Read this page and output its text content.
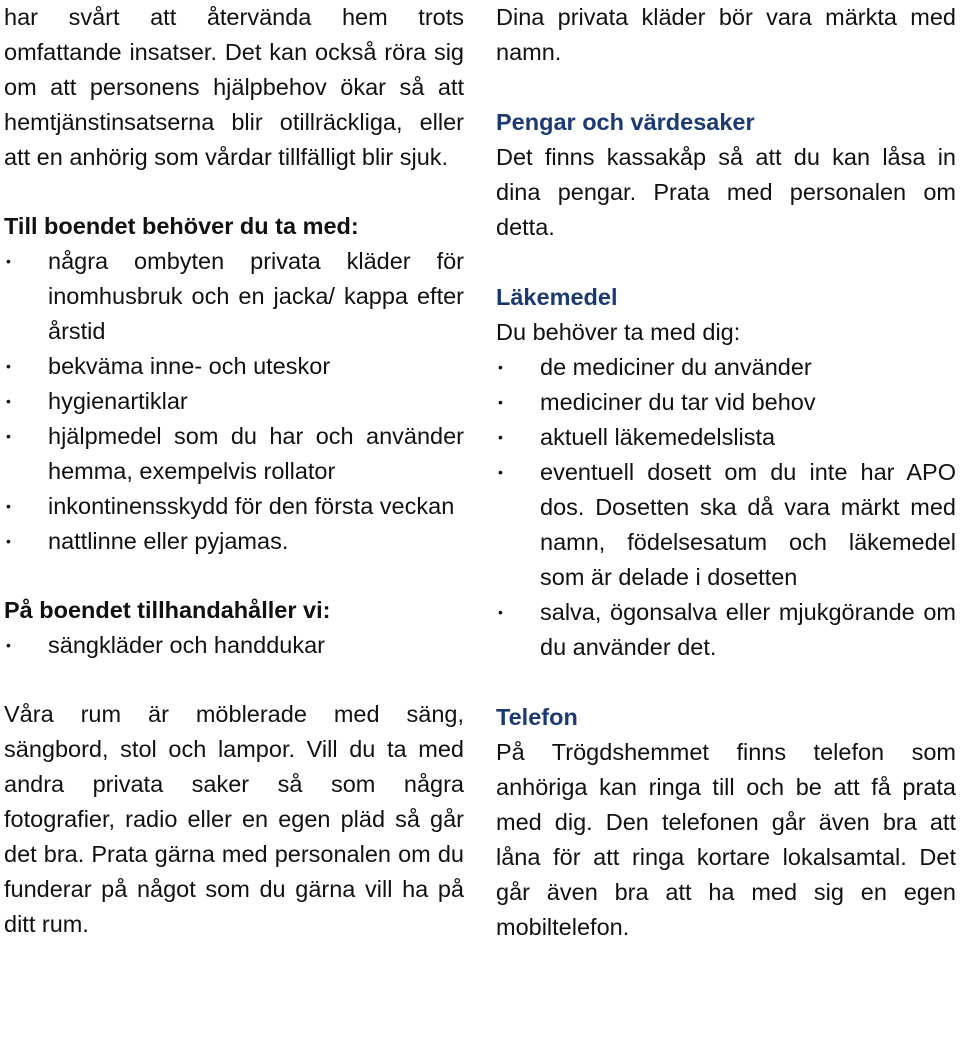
har svårt att återvända hem trots omfattande insatser. Det kan också röra sig om att personens hjälpbehov ökar så att hemtjänstinsatserna blir otillräckliga, eller att en anhörig som vårdar tillfälligt blir sjuk.

Till boendet behöver du ta med:
• några ombyten privata kläder för inomhusbruk och en jacka/ kappa efter årstid
• bekväma inne- och uteskor
• hygienartiklar
• hjälpmedel som du har och använder hemma, exempelvis rollator
• inkontinensskydd för den första veckan
• nattlinne eller pyjamas.
På boendet tillhandahåller vi:
• sängkläder och handdukar

Våra rum är möblerade med säng, sängbord, stol och lampor. Vill du ta med andra privata saker så som några fotografier, radio eller en egen pläd så går det bra. Prata gärna med personalen om du funderar på något som du gärna vill ha på ditt rum.

Dina privata kläder bör vara märkta med namn.

Pengar och värdesaker

Det finns kassakåp så att du kan låsa in dina pengar. Prata med personalen om detta.

Läkemedel

Du behöver ta med dig:

• de mediciner du använder
• mediciner du tar vid behov
• aktuell läkemedelslista
• eventuell dosett om du inte har APO dos. Dosetten ska då vara märkt med namn, födelsesatum och läkemedel som är delade i dosetten
• salva, ögonsalva eller mjukgörande om du använder det.
Telefon

På Trögdshemmet finns telefon som anhöriga kan ringa till och be att få prata med dig. Den telefonen går även bra att låna för att ringa kortare lokalsamtal. Det går även bra att ha med sig en egen mobiltelefon.
